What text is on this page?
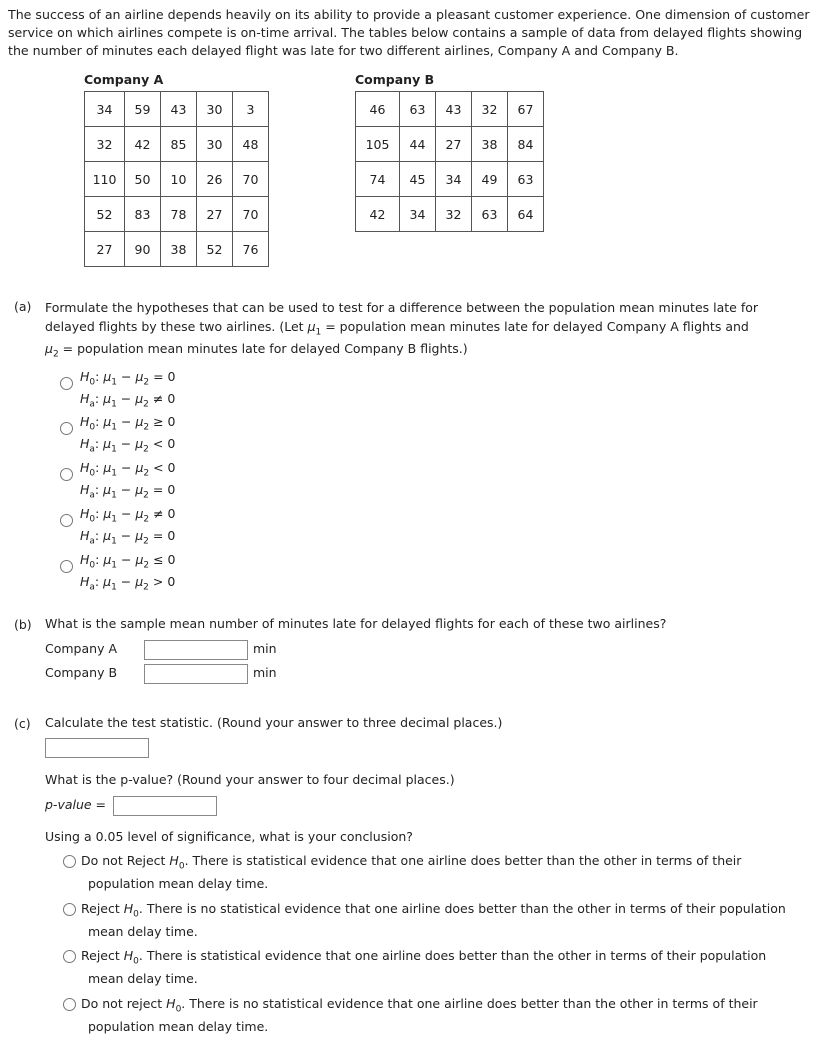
The success of an airline depends heavily on its ability to provide a pleasant customer experience. One dimension of customer service on which airlines compete is on-time arrival. The tables below contains a sample of data from delayed flights showing the number of minutes each delayed flight was late for two different airlines, Company A and Company B.
Company A
34	59	43	30	3
32	42	85	30	48
110	50	10	26	70
52	83	78	27	70
27	90	38	52	76
Company B
46	63	43	32	67
105	44	27	38	84
74	45	34	49	63
42	34	32	63	64
(a) Formulate the hypotheses that can be used to test for a difference between the population mean minutes late for
delayed flights by these two airlines. (Let $\mu_1$ = population mean minutes late for delayed Company A flights and
$\mu_2$ = population mean minutes late for delayed Company B flights.)
$H_0$: $\mu_1 - \mu_2 = 0$
$H_a$: $\mu_1 - \mu_2 \ne 0$
$H_0$: $\mu_1 - \mu_2 \ge 0$
$H_a$: $\mu_1 - \mu_2 < 0$
$H_0$: $\mu_1 - \mu_2 < 0$
$H_a$: $\mu_1 - \mu_2 = 0$
$H_0$: $\mu_1 - \mu_2 \ne 0$
$H_a$: $\mu_1 - \mu_2 = 0$
$H_0$: $\mu_1 - \mu_2 \le 0$
$H_a$: $\mu_1 - \mu_2 > 0$
(b) What is the sample mean number of minutes late for delayed flights for each of these two airlines?
Company A	min
Company B	min
(c) Calculate the test statistic. (Round your answer to three decimal places.)
What is the p-value? (Round your answer to four decimal places.)
p-value =
Using a 0.05 level of significance, what is your conclusion?
Do not Reject $H_0$. There is statistical evidence that one airline does better than the other in terms of their
population mean delay time.
Reject $H_0$. There is no statistical evidence that one airline does better than the other in terms of their population
mean delay time.
Reject $H_0$. There is statistical evidence that one airline does better than the other in terms of their population
mean delay time.
Do not reject $H_0$. There is no statistical evidence that one airline does better than the other in terms of their
population mean delay time.
